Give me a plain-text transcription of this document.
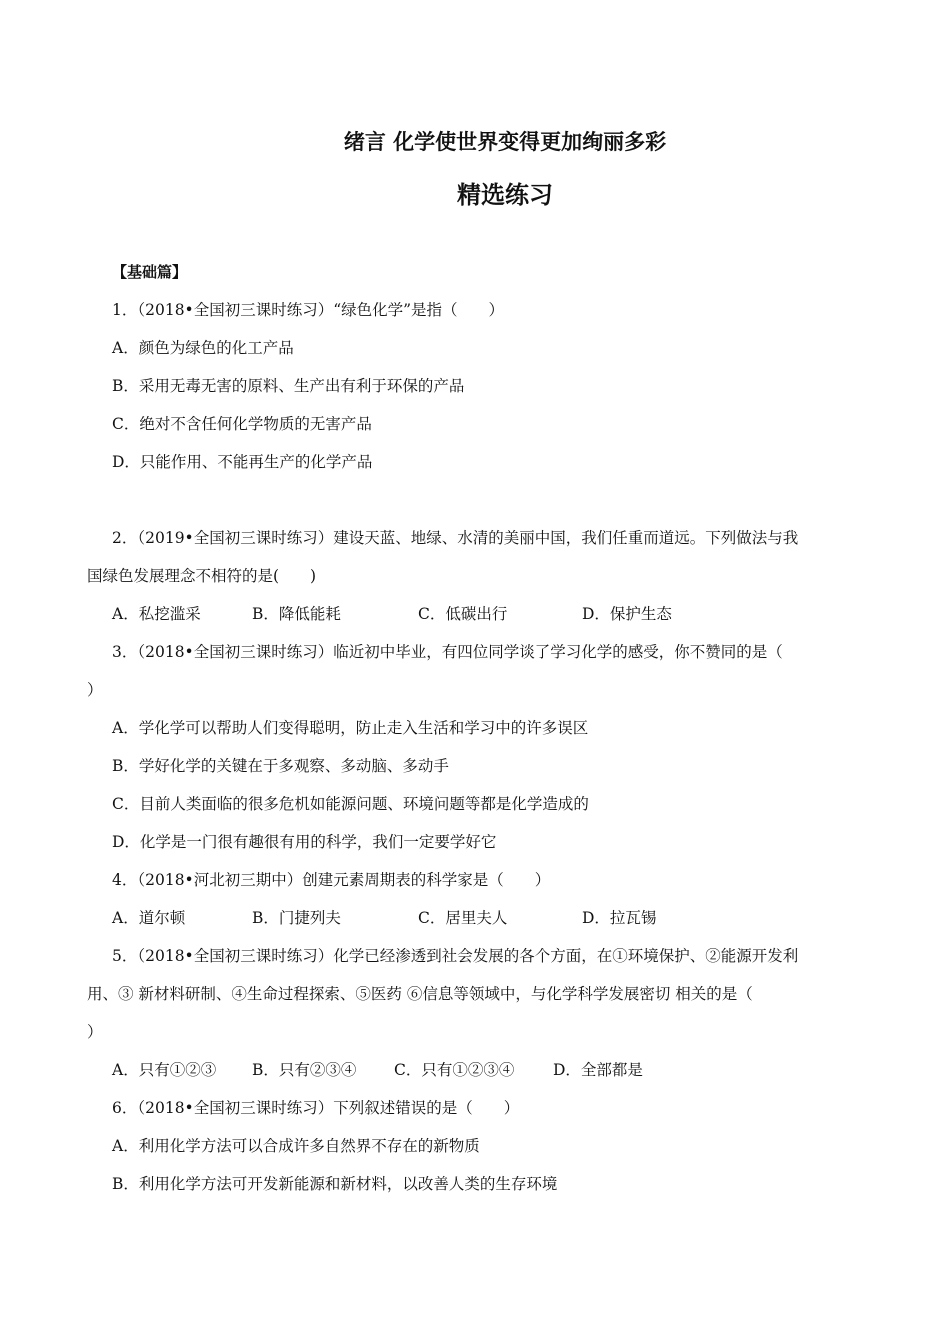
绪言 化学使世界变得更加绚丽多彩
精选练习
【基础篇】
1．（2018•全国初三课时练习）“绿色化学”是指（　　）
A．颜色为绿色的化工产品
B．采用无毒无害的原料、生产出有利于环保的产品
C．绝对不含任何化学物质的无害产品
D．只能作用、不能再生产的化学产品
2．（2019•全国初三课时练习）建设天蓝、地绿、水清的美丽中国，我们任重而道远。下列做法与我
国绿色发展理念不相符的是(　　)
A．私挖滥采	B．降低能耗	C．低碳出行	D．保护生态
3．（2018•全国初三课时练习）临近初中毕业，有四位同学谈了学习化学的感受，你不赞同的是（
）
A．学化学可以帮助人们变得聪明，防止走入生活和学习中的许多误区
B．学好化学的关键在于多观察、多动脑、多动手
C．目前人类面临的很多危机如能源问题、环境问题等都是化学造成的
D．化学是一门很有趣很有用的科学，我们一定要学好它
4．（2018•河北初三期中）创建元素周期表的科学家是（　　）
A．道尔顿	B．门捷列夫	C．居里夫人	D．拉瓦锡
5．（2018•全国初三课时练习）化学已经渗透到社会发展的各个方面，在①环境保护、②能源开发利
用、③ 新材料研制、④生命过程探索、⑤医药 ⑥信息等领域中，与化学科学发展密切 相关的是（
）
A．只有①②③ B．只有②③④ C．只有①②③④ D．全部都是
6．（2018•全国初三课时练习）下列叙述错误的是（　　）
A．利用化学方法可以合成许多自然界不存在的新物质
B．利用化学方法可开发新能源和新材料，以改善人类的生存环境
